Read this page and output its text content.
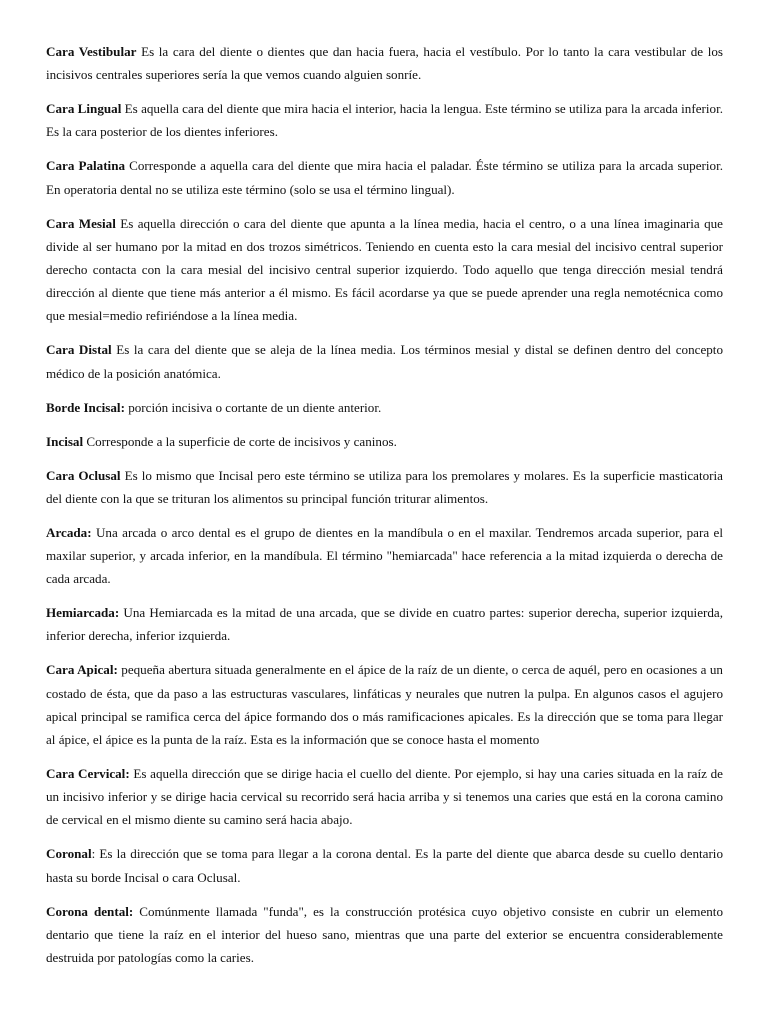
Cara Vestibular Es la cara del diente o dientes que dan hacia fuera, hacia el vestíbulo. Por lo tanto la cara vestibular de los incisivos centrales superiores sería la que vemos cuando alguien sonríe.

Cara Lingual Es aquella cara del diente que mira hacia el interior, hacia la lengua. Este término se utiliza para la arcada inferior. Es la cara posterior de los dientes inferiores.

Cara Palatina Corresponde a aquella cara del diente que mira hacia el paladar. Éste término se utiliza para la arcada superior. En operatoria dental no se utiliza este término (solo se usa el término lingual).

Cara Mesial Es aquella dirección o cara del diente que apunta a la línea media, hacia el centro, o a una línea imaginaria que divide al ser humano por la mitad en dos trozos simétricos. Teniendo en cuenta esto la cara mesial del incisivo central superior derecho contacta con la cara mesial del incisivo central superior izquierdo. Todo aquello que tenga dirección mesial tendrá dirección al diente que tiene más anterior a él mismo. Es fácil acordarse ya que se puede aprender una regla nemotécnica como que mesial=medio refiriéndose a la línea media.

Cara Distal Es la cara del diente que se aleja de la línea media. Los términos mesial y distal se definen dentro del concepto médico de la posición anatómica.

Borde Incisal: porción incisiva o cortante de un diente anterior.

Incisal Corresponde a la superficie de corte de incisivos y caninos.

Cara Oclusal Es lo mismo que Incisal pero este término se utiliza para los premolares y molares. Es la superficie masticatoria del diente con la que se trituran los alimentos su principal función triturar alimentos.

Arcada: Una arcada o arco dental es el grupo de dientes en la mandíbula o en el maxilar. Tendremos arcada superior, para el maxilar superior, y arcada inferior, en la mandíbula. El término "hemiarcada" hace referencia a la mitad izquierda o derecha de cada arcada.

Hemiarcada: Una Hemiarcada es la mitad de una arcada, que se divide en cuatro partes: superior derecha, superior izquierda, inferior derecha, inferior izquierda.

Cara Apical: pequeña abertura situada generalmente en el ápice de la raíz de un diente, o cerca de aquél, pero en ocasiones a un costado de ésta, que da paso a las estructuras vasculares, linfáticas y neurales que nutren la pulpa. En algunos casos el agujero apical principal se ramifica cerca del ápice formando dos o más ramificaciones apicales. Es la dirección que se toma para llegar al ápice, el ápice es la punta de la raíz. Esta es la información que se conoce hasta el momento

Cara Cervical: Es aquella dirección que se dirige hacia el cuello del diente. Por ejemplo, si hay una caries situada en la raíz de un incisivo inferior y se dirige hacia cervical su recorrido será hacia arriba y si tenemos una caries que está en la corona camino de cervical en el mismo diente su camino será hacia abajo.

Coronal: Es la dirección que se toma para llegar a la corona dental. Es la parte del diente que abarca desde su cuello dentario hasta su borde Incisal o cara Oclusal.

Corona dental: Comúnmente llamada "funda", es la construcción protésica cuyo objetivo consiste en cubrir un elemento dentario que tiene la raíz en el interior del hueso sano, mientras que una parte del exterior se encuentra considerablemente destruida por patologías como la caries.
